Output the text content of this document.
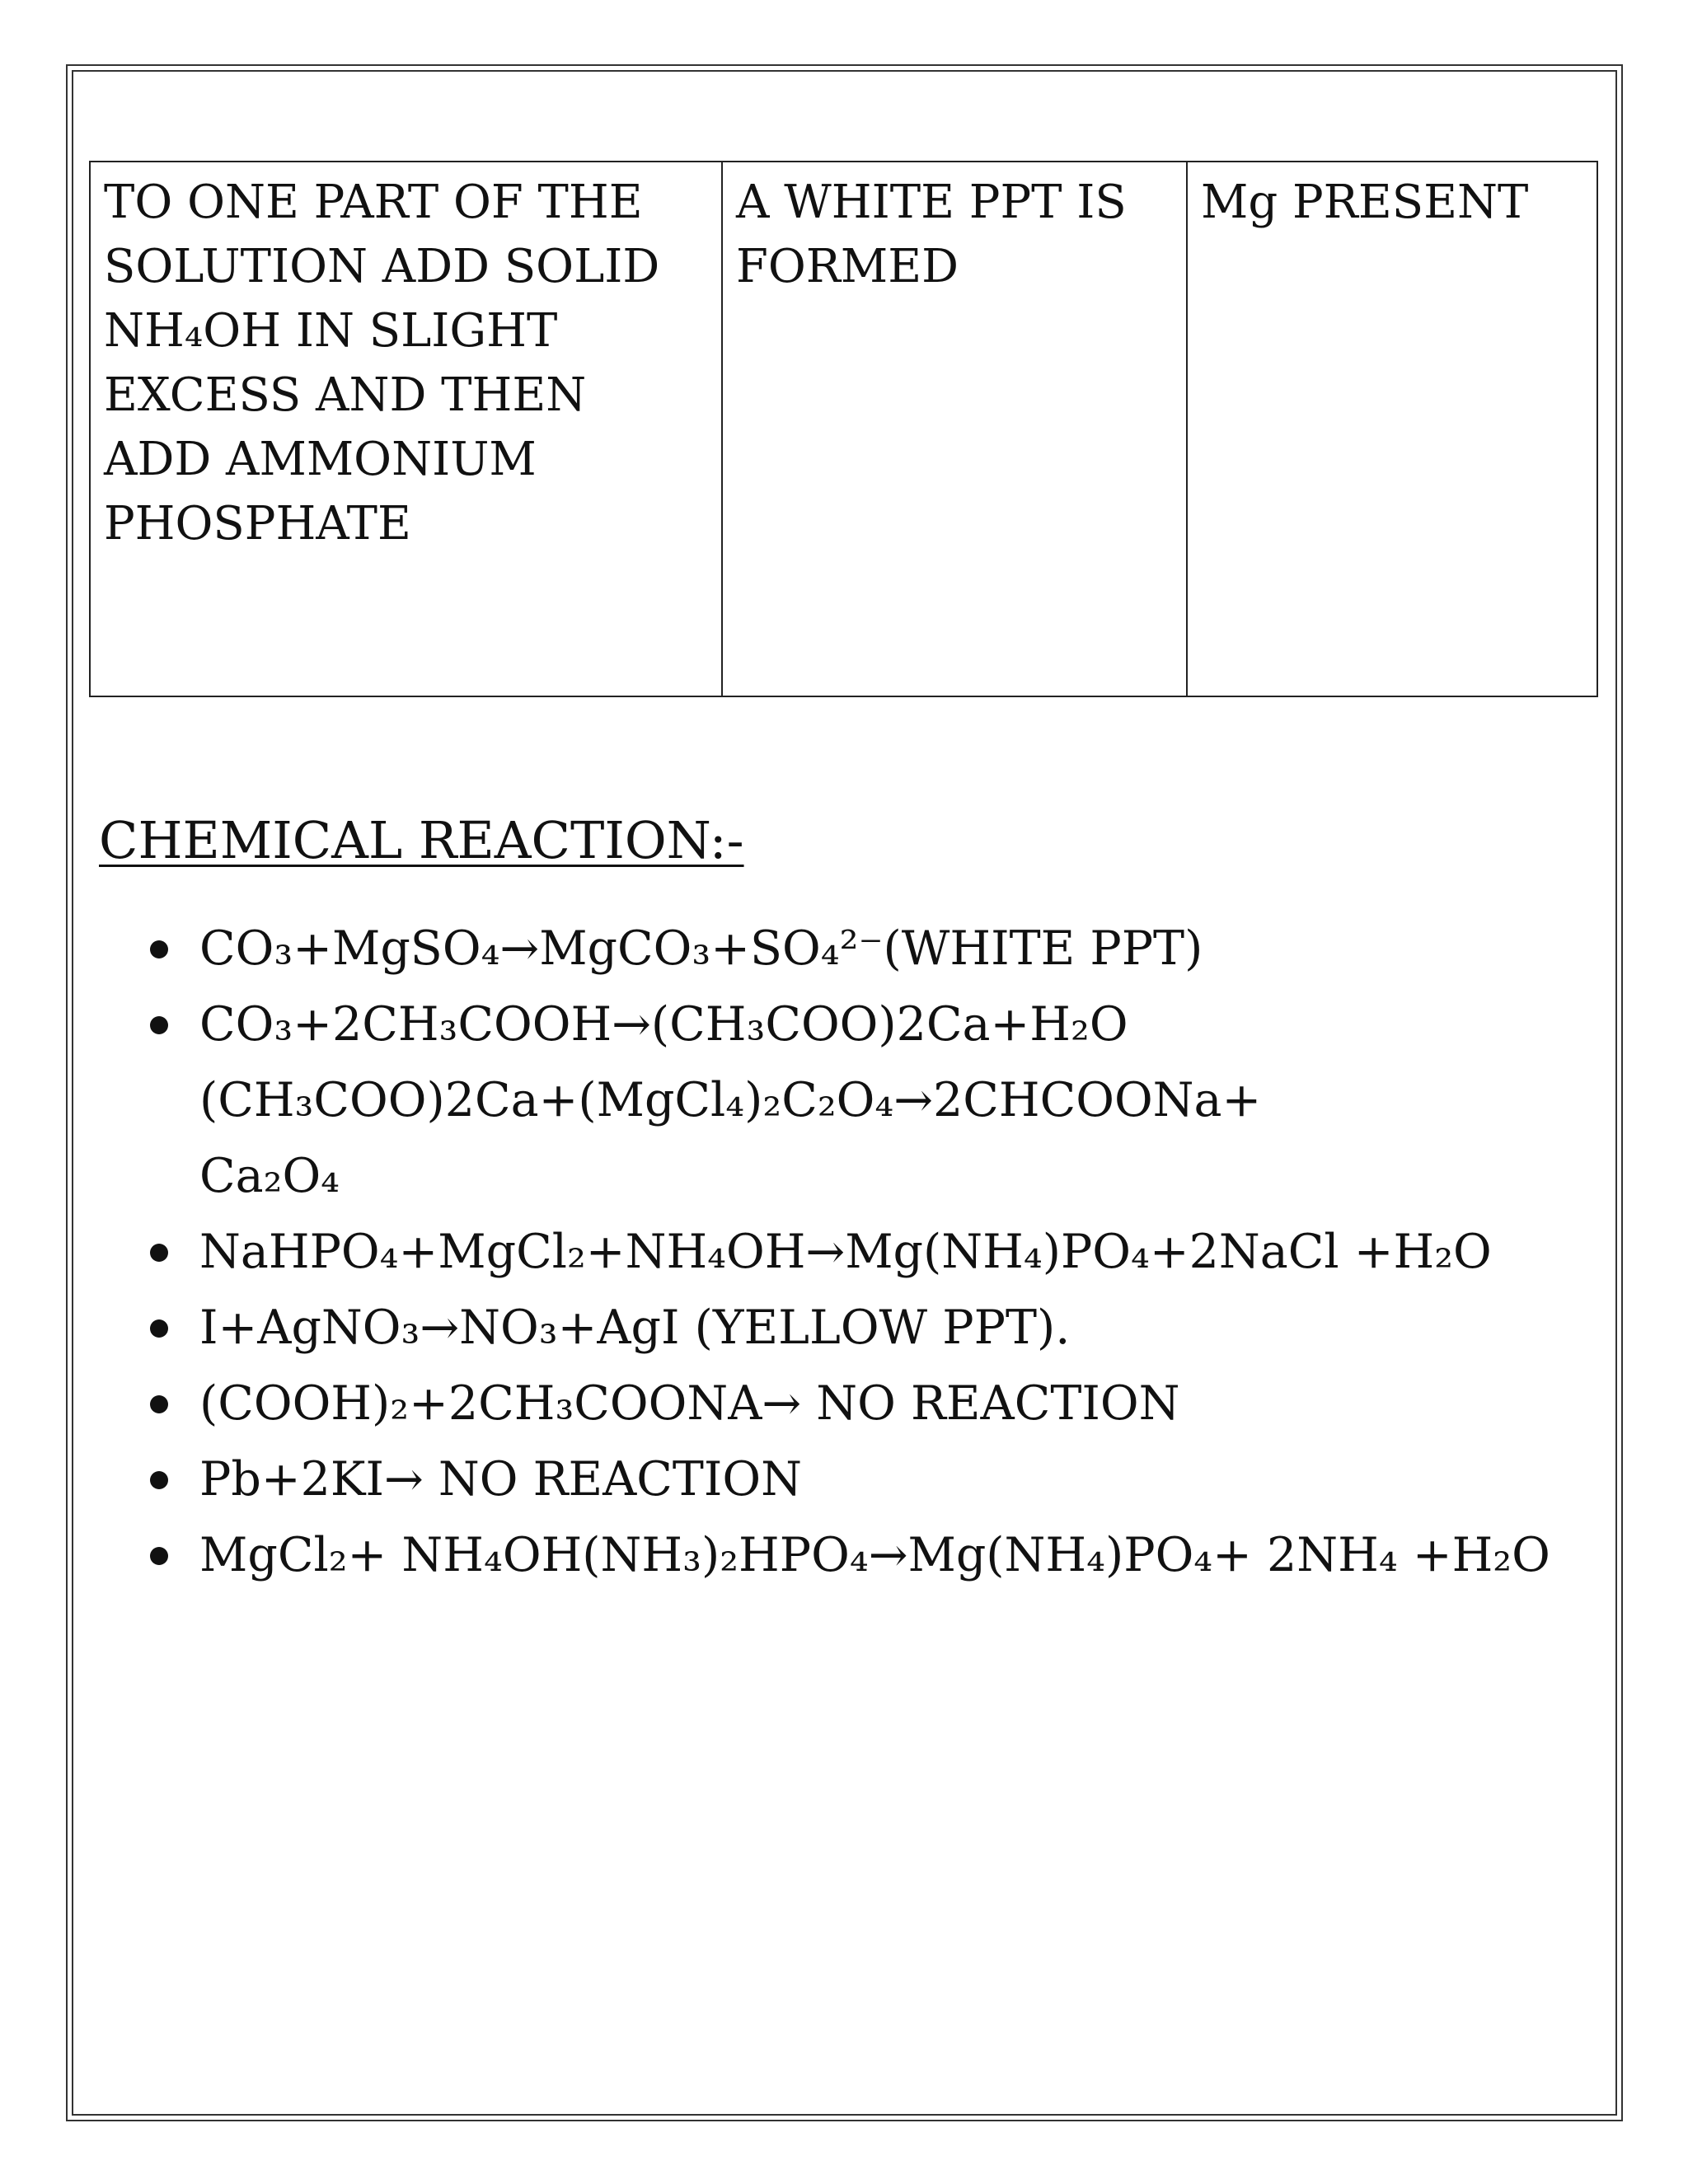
TO ONE PART OF THE SOLUTION ADD SOLID NH₄OH IN SLIGHT EXCESS AND THEN ADD AMMONIUM PHOSPHATE	A WHITE PPT IS FORMED	Mg PRESENT
CHEMICAL REACTION:-
CO₃+MgSO₄→MgCO₃+SO₄²⁻(WHITE PPT)
CO₃+2CH₃COOH→(CH₃COO)2Ca+H₂O
(CH₃COO)2Ca+(MgCl₄)₂C₂O₄→2CHCOONa+
Ca₂O₄
NaHPO₄+MgCl₂+NH₄OH→Mg(NH₄)PO₄+2NaCl +H₂O
I+AgNO₃→NO₃+AgI (YELLOW PPT).
(COOH)₂+2CH₃COONA→ NO REACTION
Pb+2KI→ NO REACTION
MgCl₂+ NH₄OH(NH₃)₂HPO₄→Mg(NH₄)PO₄+ 2NH₄ +H₂O
